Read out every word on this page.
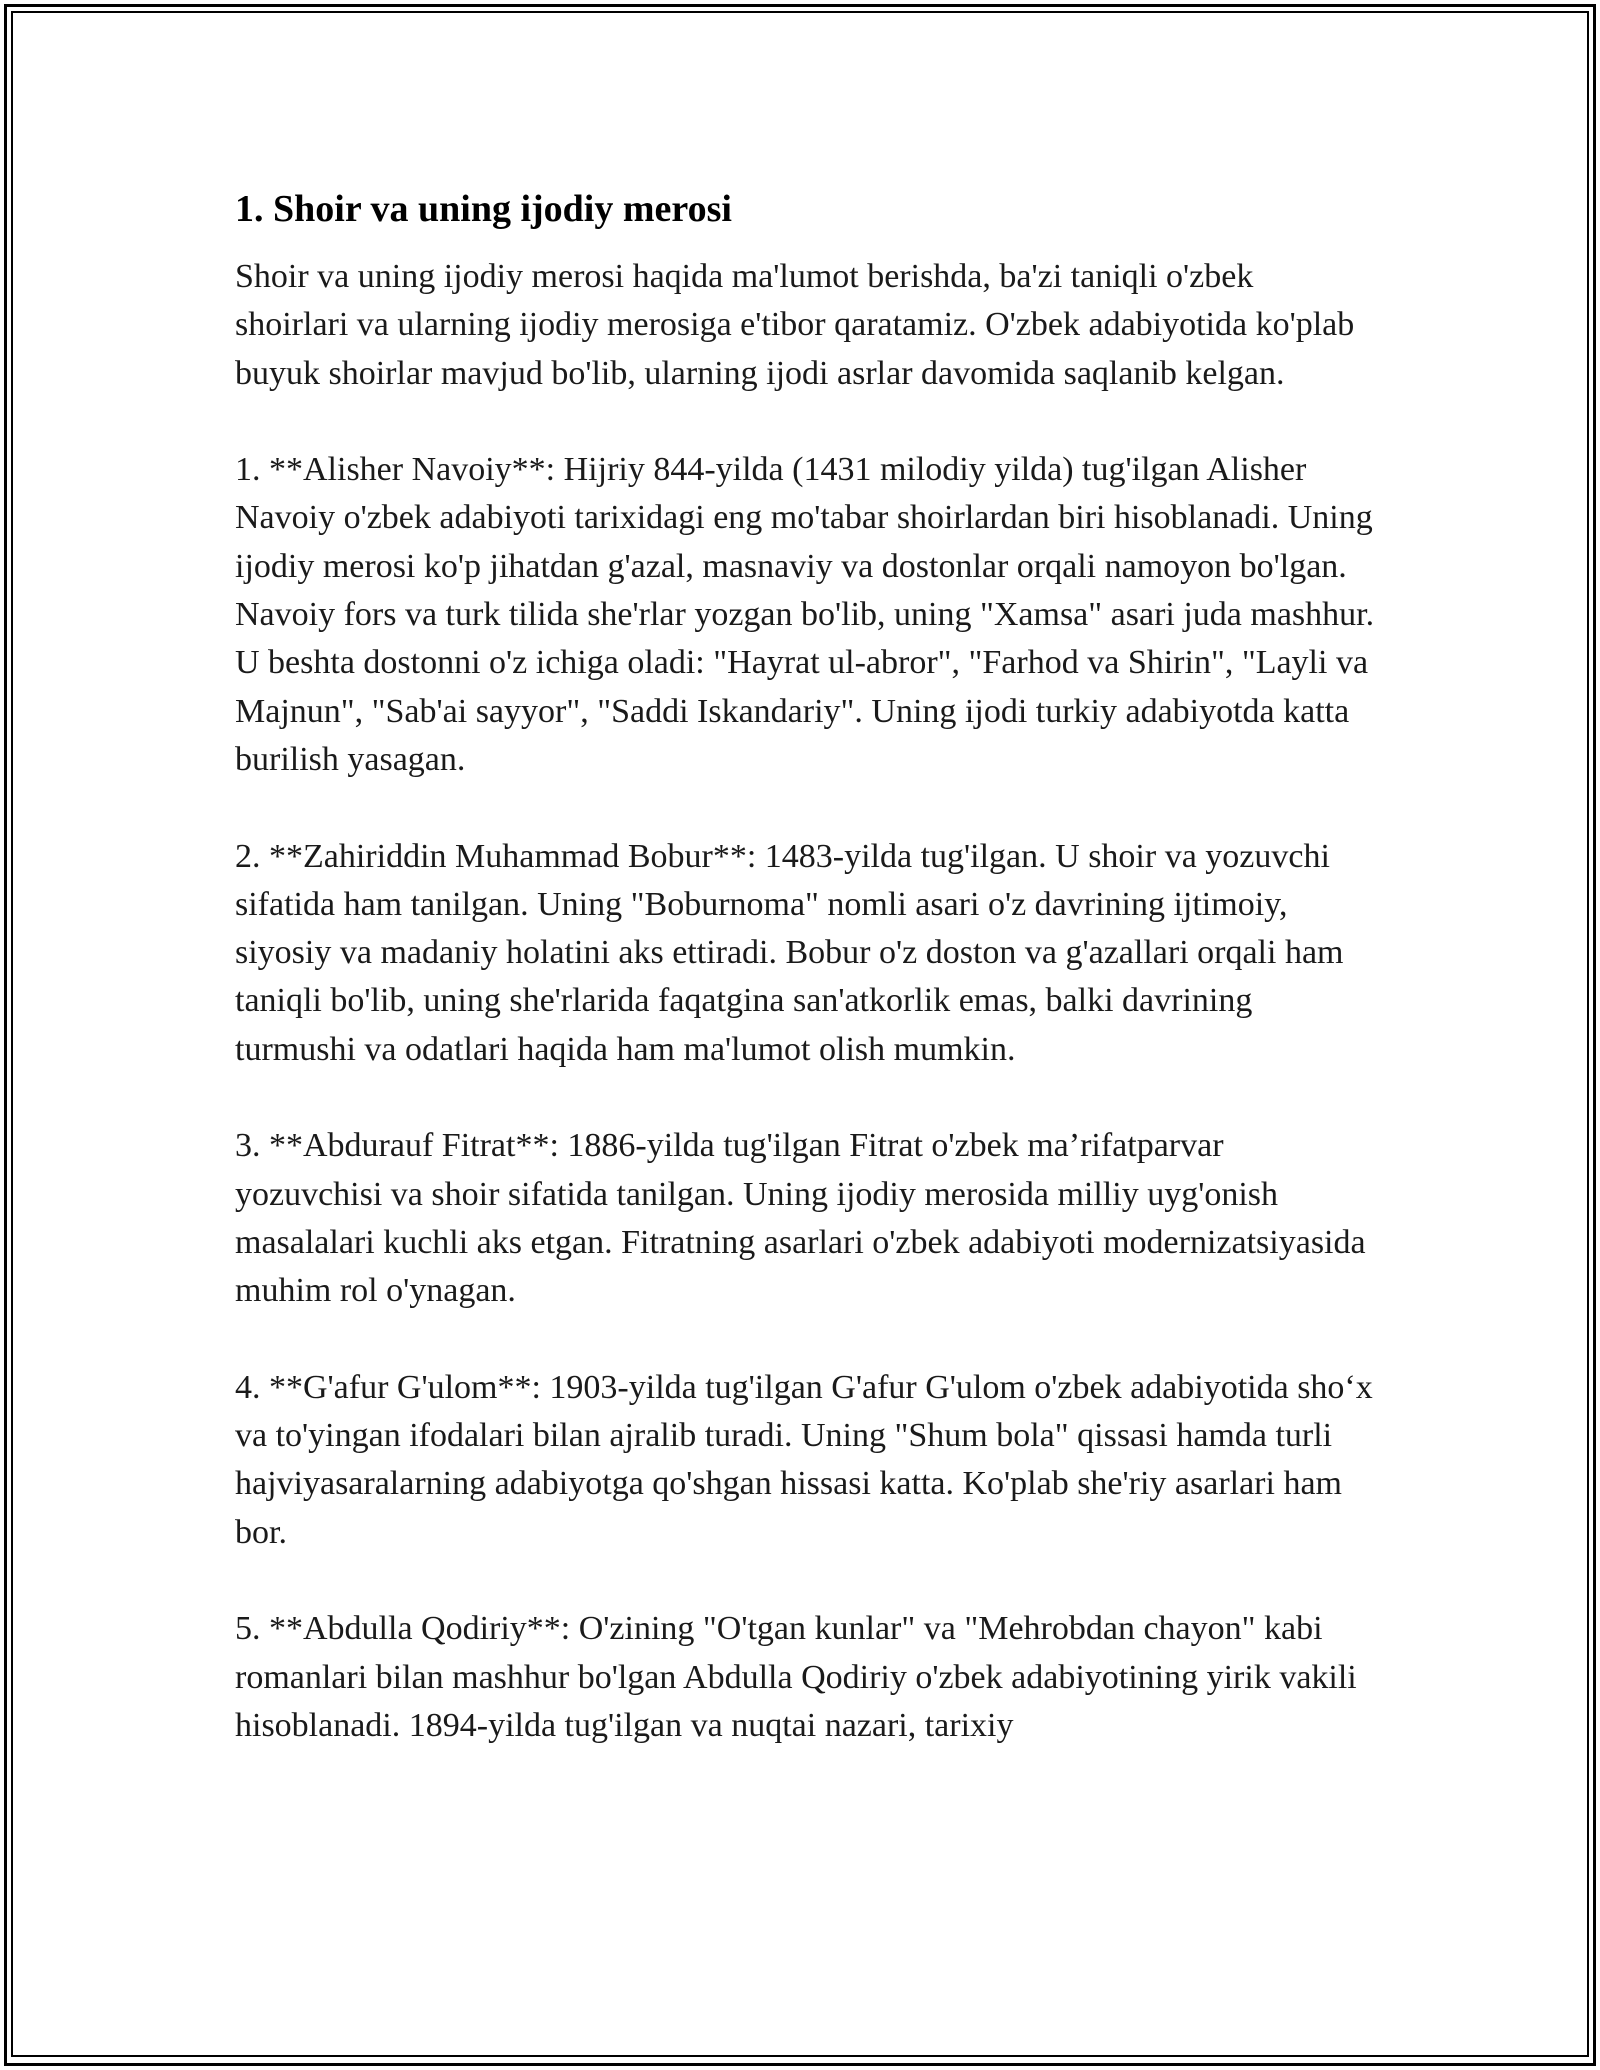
1. Shoir va uning ijodiy merosi

Shoir va uning ijodiy merosi haqida ma'lumot berishda, ba'zi taniqli o'zbek shoirlari va ularning ijodiy merosiga e'tibor qaratamiz. O'zbek adabiyotida ko'plab buyuk shoirlar mavjud bo'lib, ularning ijodi asrlar davomida saqlanib kelgan.

1. **Alisher Navoiy**: Hijriy 844-yilda (1431 milodiy yilda) tug'ilgan Alisher Navoiy o'zbek adabiyoti tarixidagi eng mo'tabar shoirlardan biri hisoblanadi. Uning ijodiy merosi ko'p jihatdan g'azal, masnaviy va dostonlar orqali namoyon bo'lgan. Navoiy fors va turk tilida she'rlar yozgan bo'lib, uning "Xamsa" asari juda mashhur. U beshta dostonni o'z ichiga oladi: "Hayrat ul-abror", "Farhod va Shirin", "Layli va Majnun", "Sab'ai sayyor", "Saddi Iskandariy". Uning ijodi turkiy adabiyotda katta burilish yasagan.

2. **Zahiriddin Muhammad Bobur**: 1483-yilda tug'ilgan. U shoir va yozuvchi sifatida ham tanilgan. Uning "Boburnoma" nomli asari o'z davrining ijtimoiy, siyosiy va madaniy holatini aks ettiradi. Bobur o'z doston va g'azallari orqali ham taniqli bo'lib, uning she'rlarida faqatgina san'atkorlik emas, balki davrining turmushi va odatlari haqida ham ma'lumot olish mumkin.

3. **Abdurauf Fitrat**: 1886-yilda tug'ilgan Fitrat o'zbek ma’rifatparvar yozuvchisi va shoir sifatida tanilgan. Uning ijodiy merosida milliy uyg'onish masalalari kuchli aks etgan. Fitratning asarlari o'zbek adabiyoti modernizatsiyasida muhim rol o'ynagan.

4. **G'afur G'ulom**: 1903-yilda tug'ilgan G'afur G'ulom o'zbek adabiyotida sho‘x va to'yingan ifodalari bilan ajralib turadi. Uning "Shum bola" qissasi hamda turli hajviyasaralarning adabiyotga qo'shgan hissasi katta. Ko'plab she'riy asarlari ham bor.

5. **Abdulla Qodiriy**: O'zining "O'tgan kunlar" va "Mehrobdan chayon" kabi romanlari bilan mashhur bo'lgan Abdulla Qodiriy o'zbek adabiyotining yirik vakili hisoblanadi. 1894-yilda tug'ilgan va nuqtai nazari, tarixiy
